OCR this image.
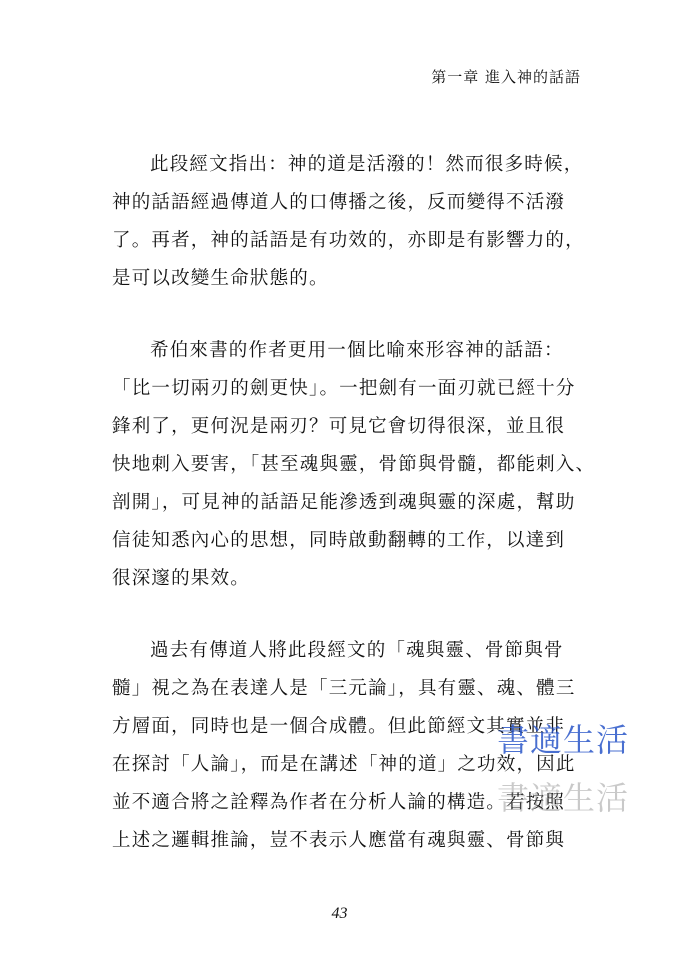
第一章 進入神的話語
此段經文指出：神的道是活潑的！然而很多時候，
神的話語經過傳道人的口傳播之後，反而變得不活潑
了。再者，神的話語是有功效的，亦即是有影響力的，
是可以改變生命狀態的。
希伯來書的作者更用一個比喻來形容神的話語：
「比一切兩刃的劍更快」。一把劍有一面刃就已經十分
鋒利了，更何況是兩刃？可見它會切得很深，並且很
快地刺入要害，「甚至魂與靈，骨節與骨髓，都能刺入、
剖開」，可見神的話語足能滲透到魂與靈的深處，幫助
信徒知悉內心的思想，同時啟動翻轉的工作，以達到
很深邃的果效。
過去有傳道人將此段經文的「魂與靈、骨節與骨
髓」視之為在表達人是「三元論」，具有靈、魂、體三
方層面，同時也是一個合成體。但此節經文其實並非
在探討「人論」，而是在講述「神的道」之功效，因此
並不適合將之詮釋為作者在分析人論的構造。若按照
上述之邏輯推論，豈不表示人應當有魂與靈、骨節與
書適生活
書適生活
43
